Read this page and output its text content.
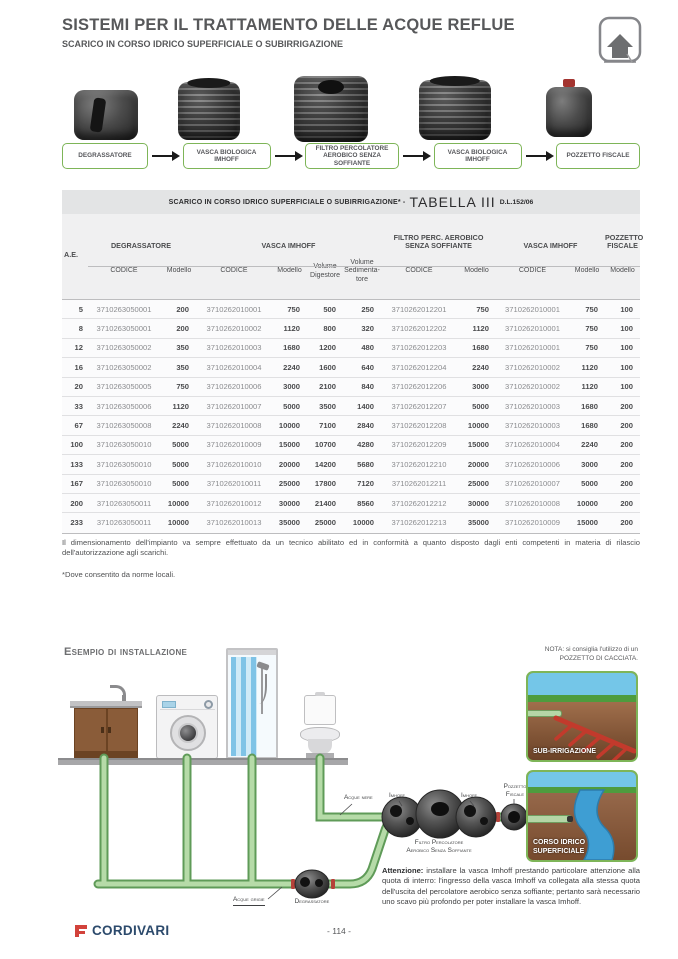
SISTEMI PER IL TRATTAMENTO DELLE ACQUE REFLUE
SCARICO IN CORSO IDRICO SUPERFICIALE O SUBIRRIGAZIONE
DEGRASSATORE
VASCA BIOLOGICA IMHOFF
FILTRO PERCOLATORE AEROBICO SENZA SOFFIANTE
VASCA BIOLOGICA IMHOFF
POZZETTO FISCALE
SCARICO IN CORSO IDRICO SUPERFICIALE O SUBIRRIGAZIONE* - TABELLA III D.L.152/06
A.E.
DEGRASSATORE	VASCA IMHOFF
FILTRO PERC. AEROBICO SENZA SOFFIANTE	VASCA IMHOFF
POZZETTO FISCALE
CODICE	Modello	CODICE	Modello
Volume Digestore
Volume Sedimenta-tore
CODICE	Modello	CODICE	Modello	Modello
5	3710263050001	200	3710262010001	750	500	250	3710262012201	750	3710262010001	750	100
8	3710263050001	200	3710262010002	1120	800	320	3710262012202	1120	3710262010001	750	100
12	3710263050002	350	3710262010003	1680	1200	480	3710262012203	1680	3710262010001	750	100
16	3710263050002	350	3710262010004	2240	1600	640	3710262012204	2240	3710262010002	1120	100
20	3710263050005	750	3710262010006	3000	2100	840	3710262012206	3000	3710262010002	1120	100
33	3710263050006	1120	3710262010007	5000	3500	1400	3710262012207	5000	3710262010003	1680	200
67	3710263050008	2240	3710262010008	10000	7100	2840	3710262012208	10000	3710262010003	1680	200
100	3710263050010	5000	3710262010009	15000	10700	4280	3710262012209	15000	3710262010004	2240	200
133	3710263050010	5000	3710262010010	20000	14200	5680	3710262012210	20000	3710262010006	3000	200
167	3710263050010	5000	3710262010011	25000	17800	7120	3710262012211	25000	3710262010007	5000	200
200	3710263050011	10000	3710262010012	30000	21400	8560	3710262012212	30000	3710262010008	10000	200
233	3710263050011	10000	3710262010013	35000	25000	10000	3710262012213	35000	3710262010009	15000	200
Il dimensionamento dell'impianto va sempre effettuato da un tecnico abilitato ed in conformità a quanto disposto dagli enti competenti in materia di rilascio dell'autorizzazione agli scarichi.
*Dove consentito da norme locali.
Esempio di installazione	NOTA: si consiglia l'utilizzo di un
POZZETTO DI CACCIATA.
Acque nere	Imhoff	Imhoff
Pozzetto Fiscale
Filtro Percolatore Aerobico Senza Soffiante
Acque grigie	Degrassatore
SUB-IRRIGAZIONE
CORSO IDRICO SUPERFICIALE
Attenzione: installare la vasca Imhoff prestando particolare attenzione alla quota di interro: l'ingresso della vasca Imhoff va collegata alla stessa quota dell'uscita del percolatore aerobico senza soffiante; pertanto sarà necessario uno scavo più profondo per poter installare la vasca Imhoff.
CORDIVARI	- 114 -
